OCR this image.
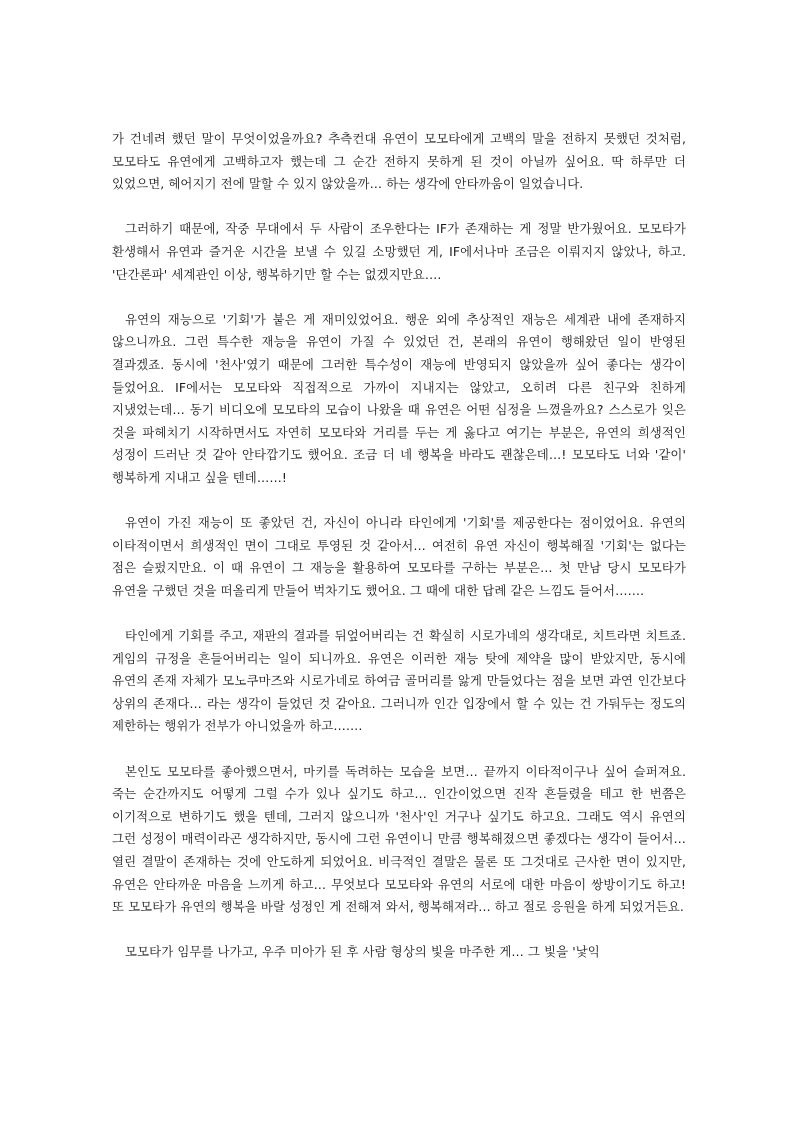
가 건네려 했던 말이 무엇이었을까요? 추측컨대 유연이 모모타에게 고백의 말을 전하지 못했던 것처럼, 모모타도 유연에게 고백하고자 했는데 그 순간 전하지 못하게 된 것이 아닐까 싶어요. 딱 하루만 더 있었으면, 헤어지기 전에 말할 수 있지 않았을까… 하는 생각에 안타까움이 일었습니다.

그러하기 때문에, 작중 무대에서 두 사람이 조우한다는 IF가 존재하는 게 정말 반가웠어요. 모모타가 환생해서 유연과 즐거운 시간을 보낼 수 있길 소망했던 게, IF에서나마 조금은 이뤄지지 않았나, 하고. '단간론파' 세계관인 이상, 행복하기만 할 수는 없겠지만요….

유연의 재능으로 '기회'가 붙은 게 재미있었어요. 행운 외에 추상적인 재능은 세계관 내에 존재하지 않으니까요. 그런 특수한 재능을 유연이 가질 수 있었던 건, 본래의 유연이 행해왔던 일이 반영된 결과겠죠. 동시에 '천사'였기 때문에 그러한 특수성이 재능에 반영되지 않았을까 싶어 좋다는 생각이 들었어요. IF에서는 모모타와 직접적으로 가까이 지내지는 않았고, 오히려 다른 친구와 친하게 지냈었는데… 동기 비디오에 모모타의 모습이 나왔을 때 유연은 어떤 심정을 느꼈을까요? 스스로가 잊은 것을 파헤치기 시작하면서도 자연히 모모타와 거리를 두는 게 옳다고 여기는 부분은, 유연의 희생적인 성정이 드러난 것 같아 안타깝기도 했어요. 조금 더 네 행복을 바라도 괜찮은데…! 모모타도 너와 '같이' 행복하게 지내고 싶을 텐데……!

유연이 가진 재능이 또 좋았던 건, 자신이 아니라 타인에게 '기회'를 제공한다는 점이었어요. 유연의 이타적이면서 희생적인 면이 그대로 투영된 것 같아서… 여전히 유연 자신이 행복해질 '기회'는 없다는 점은 슬펐지만요. 이 때 유연이 그 재능을 활용하여 모모타를 구하는 부분은… 첫 만남 당시 모모타가 유연을 구했던 것을 떠올리게 만들어 벅차기도 했어요. 그 때에 대한 답례 같은 느낌도 들어서…….

타인에게 기회를 주고, 재판의 결과를 뒤엎어버리는 건 확실히 시로가네의 생각대로, 치트라면 치트죠. 게임의 규정을 흔들어버리는 일이 되니까요. 유연은 이러한 재능 탓에 제약을 많이 받았지만, 동시에 유연의 존재 자체가 모노쿠마즈와 시로가네로 하여금 골머리를 앓게 만들었다는 점을 보면 과연 인간보다 상위의 존재다… 라는 생각이 들었던 것 같아요. 그러니까 인간 입장에서 할 수 있는 건 가둬두는 정도의 제한하는 행위가 전부가 아니었을까 하고…….

본인도 모모타를 좋아했으면서, 마키를 독려하는 모습을 보면… 끝까지 이타적이구나 싶어 슬퍼져요. 죽는 순간까지도 어떻게 그럴 수가 있나 싶기도 하고… 인간이었으면 진작 흔들렸을 테고 한 번쯤은 이기적으로 변하기도 했을 텐데, 그러지 않으니까 '천사'인 거구나 싶기도 하고요. 그래도 역시 유연의 그런 성정이 매력이라곤 생각하지만, 동시에 그런 유연이니 만큼 행복해졌으면 좋겠다는 생각이 들어서… 열린 결말이 존재하는 것에 안도하게 되었어요. 비극적인 결말은 물론 또 그것대로 근사한 면이 있지만, 유연은 안타까운 마음을 느끼게 하고… 무엇보다 모모타와 유연의 서로에 대한 마음이 쌍방이기도 하고! 또 모모타가 유연의 행복을 바랄 성정인 게 전해져 와서, 행복해져라… 하고 절로 응원을 하게 되었거든요.

모모타가 임무를 나가고, 우주 미아가 된 후 사람 형상의 빛을 마주한 게… 그 빛을 '낯익
